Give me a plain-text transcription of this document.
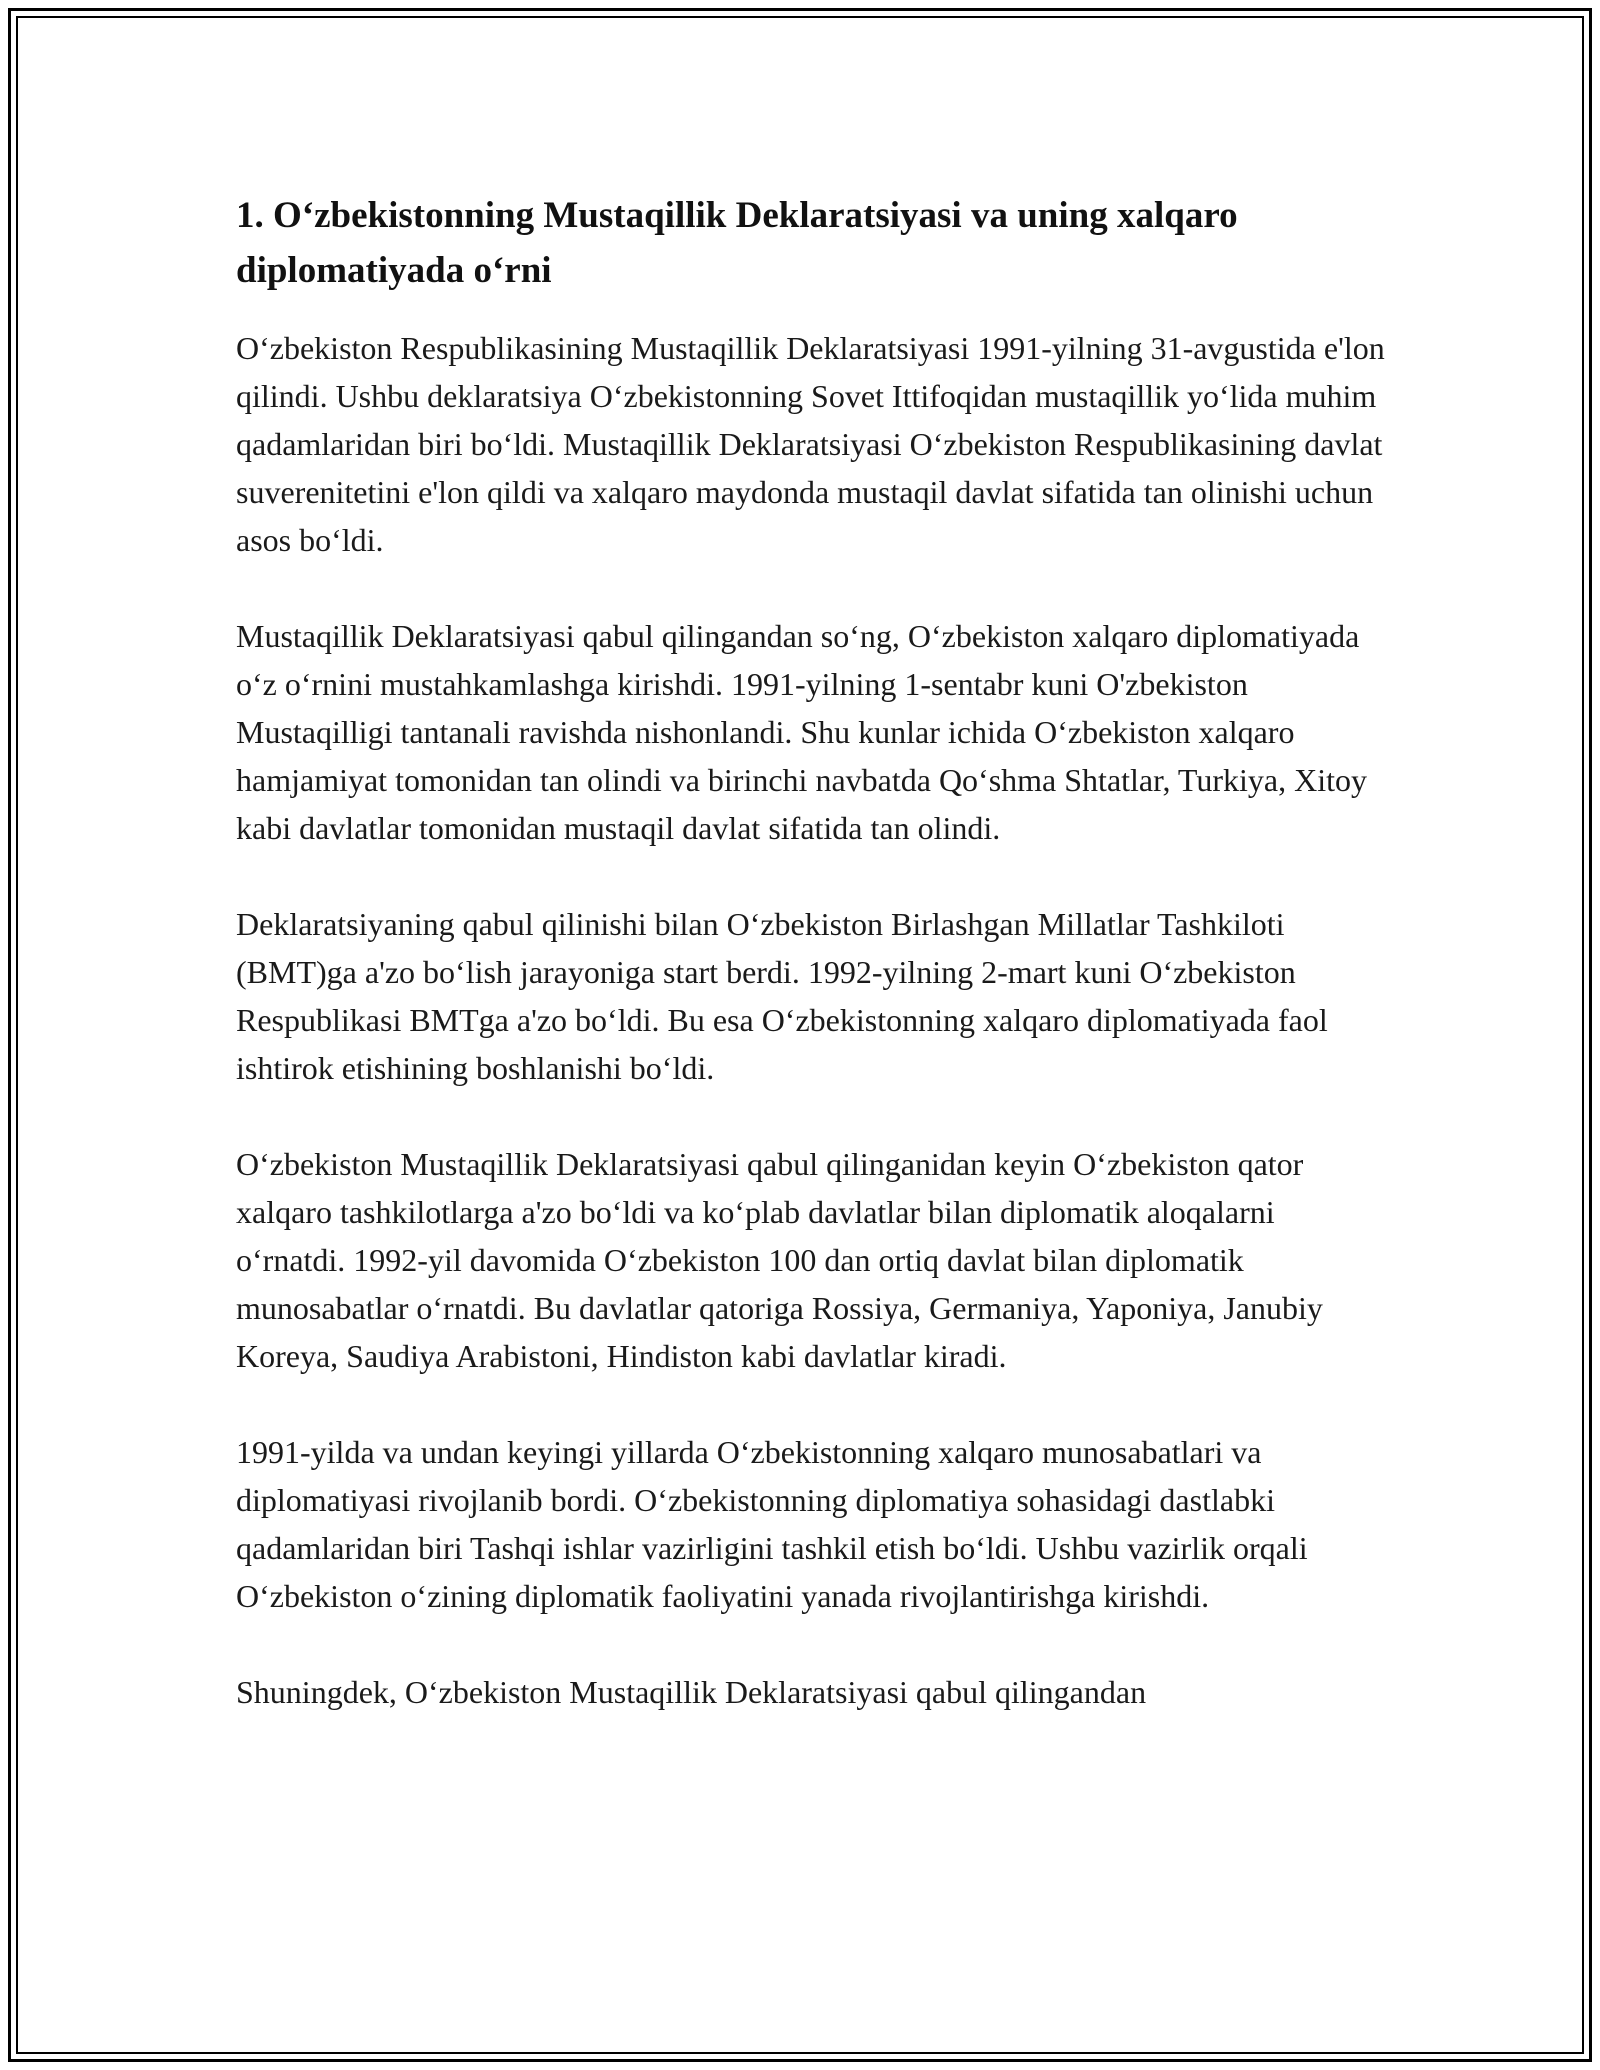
1. O‘zbekistonning Mustaqillik Deklaratsiyasi va uning xalqaro diplomatiyada o‘rni

O‘zbekiston Respublikasining Mustaqillik Deklaratsiyasi 1991-yilning 31-avgustida e'lon qilindi. Ushbu deklaratsiya O‘zbekistonning Sovet Ittifoqidan mustaqillik yo‘lida muhim qadamlaridan biri bo‘ldi. Mustaqillik Deklaratsiyasi O‘zbekiston Respublikasining davlat suverenitetini e'lon qildi va xalqaro maydonda mustaqil davlat sifatida tan olinishi uchun asos bo‘ldi.

Mustaqillik Deklaratsiyasi qabul qilingandan so‘ng, O‘zbekiston xalqaro diplomatiyada o‘z o‘rnini mustahkamlashga kirishdi. 1991-yilning 1-sentabr kuni O'zbekiston Mustaqilligi tantanali ravishda nishonlandi. Shu kunlar ichida O‘zbekiston xalqaro hamjamiyat tomonidan tan olindi va birinchi navbatda Qo‘shma Shtatlar, Turkiya, Xitoy kabi davlatlar tomonidan mustaqil davlat sifatida tan olindi.

Deklaratsiyaning qabul qilinishi bilan O‘zbekiston Birlashgan Millatlar Tashkiloti (BMT)ga a'zo bo‘lish jarayoniga start berdi. 1992-yilning 2-mart kuni O‘zbekiston Respublikasi BMTga a'zo bo‘ldi. Bu esa O‘zbekistonning xalqaro diplomatiyada faol ishtirok etishining boshlanishi bo‘ldi.

O‘zbekiston Mustaqillik Deklaratsiyasi qabul qilinganidan keyin O‘zbekiston qator xalqaro tashkilotlarga a'zo bo‘ldi va ko‘plab davlatlar bilan diplomatik aloqalarni o‘rnatdi. 1992-yil davomida O‘zbekiston 100 dan ortiq davlat bilan diplomatik munosabatlar o‘rnatdi. Bu davlatlar qatoriga Rossiya, Germaniya, Yaponiya, Janubiy Koreya, Saudiya Arabistoni, Hindiston kabi davlatlar kiradi.

1991-yilda va undan keyingi yillarda O‘zbekistonning xalqaro munosabatlari va diplomatiyasi rivojlanib bordi. O‘zbekistonning diplomatiya sohasidagi dastlabki qadamlaridan biri Tashqi ishlar vazirligini tashkil etish bo‘ldi. Ushbu vazirlik orqali O‘zbekiston o‘zining diplomatik faoliyatini yanada rivojlantirishga kirishdi.

Shuningdek, O‘zbekiston Mustaqillik Deklaratsiyasi qabul qilingandan
